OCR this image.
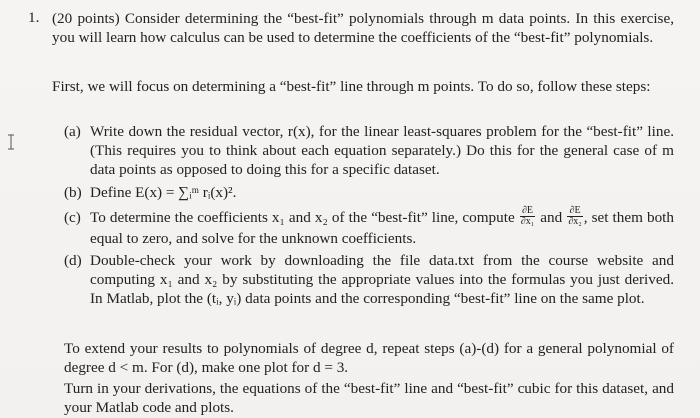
1. (20 points) Consider determining the “best-fit” polynomials through m data points. In this exercise, you will learn how calculus can be used to determine the coefficients of the “best-fit” polynomials.
First, we will focus on determining a “best-fit” line through m points. To do so, follow these steps:
(a) Write down the residual vector, r(x), for the linear least-squares problem for the “best-fit” line. (This requires you to think about each equation separately.) Do this for the general case of m data points as opposed to doing this for a specific dataset.
(b) Define E(x) = ∑ᵢᵐ rᵢ(x)².
(c) To determine the coefficients x₁ and x₂ of the “best-fit” line, compute $\frac{\partial E}{\text{∂x₁}}$ and $\frac{\partial E}{\text{∂x₂}}$ , set them both equal to zero, and solve for the unknown coefficients.
(d) Double-check your work by downloading the file data.txt from the course website and computing x₁ and x₂ by substituting the appropriate values into the formulas you just derived. In Matlab, plot the (tᵢ, yᵢ) data points and the corresponding “best-fit” line on the same plot.
To extend your results to polynomials of degree d, repeat steps (a)-(d) for a general polynomial of degree d < m. For (d), make one plot for d = 3.
Turn in your derivations, the equations of the “best-fit” line and “best-fit” cubic for this dataset, and your Matlab code and plots.
